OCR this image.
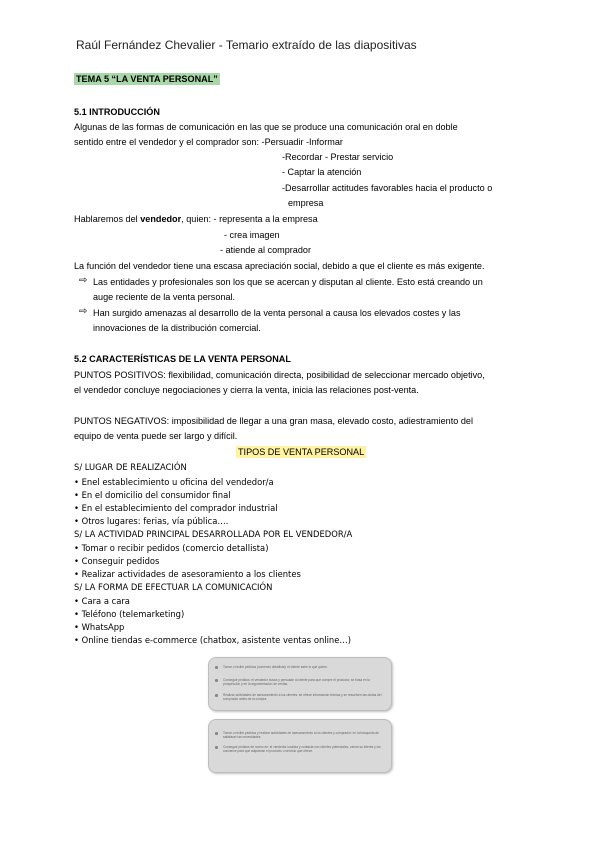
Raúl Fernández Chevalier - Temario extraído de las diapositivas
TEMA 5 “LA VENTA PERSONAL”
5.1 INTRODUCCIÓN
Algunas de las formas de comunicación en las que se produce una comunicación oral en doble
sentido entre el vendedor y el comprador son: -Persuadir -Informar
-Recordar - Prestar servicio
- Captar la atención
-Desarrollar actitudes favorables hacia el producto o
empresa
Hablaremos del vendedor, quien: - representa a la empresa
- crea imagen
- atiende al comprador
La función del vendedor tiene una escasa apreciación social, debido a que el cliente es más exigente.
⇨ Las entidades y profesionales son los que se acercan y disputan al cliente. Esto está creando un
auge reciente de la venta personal.
⇨ Han surgido amenazas al desarrollo de la venta personal a causa los elevados costes y las
innovaciones de la distribución comercial.
5.2 CARACTERÍSTICAS DE LA VENTA PERSONAL
PUNTOS POSITIVOS: flexibilidad, comunicación directa, posibilidad de seleccionar mercado objetivo,
el vendedor concluye negociaciones y cierra la venta, inicia las relaciones post-venta.
PUNTOS NEGATIVOS: imposibilidad de llegar a una gran masa, elevado costo, adiestramiento del
equipo de venta puede ser largo y difícil.
TIPOS DE VENTA PERSONAL
S/ LUGAR DE REALIZACIÓN
• Enel establecimiento u oficina del vendedor/a
• En el domicilio del consumidor final
• En el establecimiento del comprador industrial
• Otros lugares: ferias, vía pública….
S/ LA ACTIVIDAD PRINCIPAL DESARROLLADA POR EL VENDEDOR/A
• Tomar o recibir pedidos (comercio detallista)
• Conseguir pedidos
• Realizar actividades de asesoramiento a los clientes
S/ LA FORMA DE EFECTUAR LA COMUNICACIÓN
• Cara a cara
• Teléfono (telemarketing)
• WhatsApp
• Online tiendas e-commerce (chatbox, asistente ventas online…)

Tomar o recibir pedidos (comercio detallista): el cliente sabe lo que quiere.

Conseguir pedidos: el vendedor busca y persuade al cliente para que compre el producto; se basa en la prospección y en la argumentación de ventas.

Realizar actividades de asesoramiento a los clientes: se ofrece información técnica y se resuelven las dudas del comprador antes de la compra.

Tomar o recibir pedidos y realizar actividades de asesoramiento a los clientes y comprador: en la búsqueda de satisfacer las necesidades.

Conseguir pedidos de nuevo en: el vendedor localiza y contacta con clientes potenciales, valora su interés y los convence para que adquieran el producto o servicio que ofrece.
